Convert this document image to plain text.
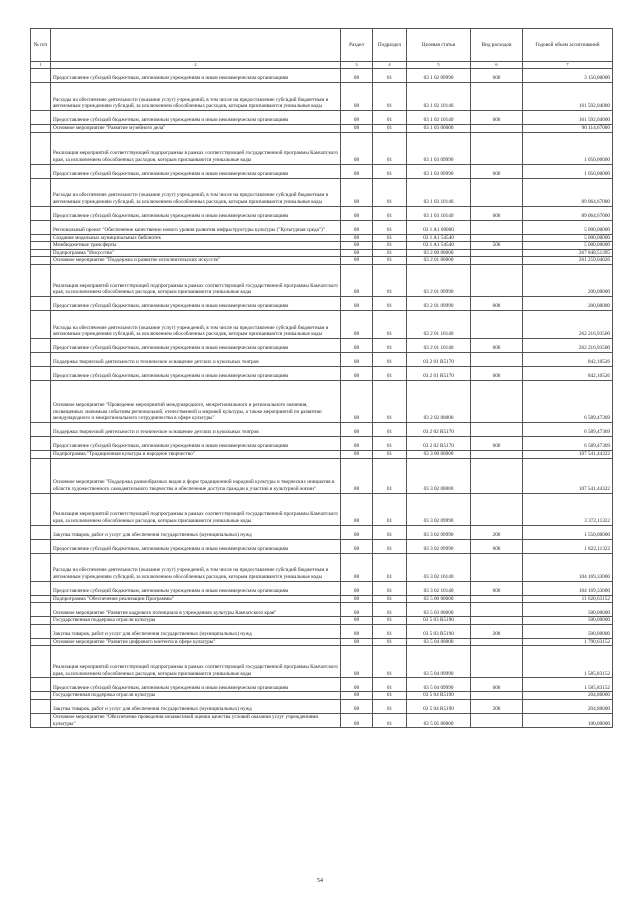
№ п/п		Раздел	Подраздел	Целевая статья	Вид расходов	Годовой объем ассигнований
1	2	3	4	5	6	7
	Предоставление субсидий бюджетным, автономным учреждениям и иным некоммерческим организациям	08	01	03 1 02 09990	600	3 150,00000
	Расходы на обеспечение деятельности (оказание услуг) учреждений, в том числе на предоставление субсидий бюджетным и автономным учреждениям субсидий, за исключением обособленных расходов, которым присваиваются уникальные коды	08	01	03 1 02 10140		161 592,04000
	Предоставление субсидий бюджетным, автономным учреждениям и иным некоммерческим организациям	08	01	03 1 02 10140	600	161 592,04000
	Основное мероприятие "Развитие музейного дела"	08	01	03 1 03 00000		90 114,67000
	Реализация мероприятий соответствующей подпрограммы в рамках соответствующей государственной программы Камчатского края, за исключением обособленных расходов, которым присваиваются уникальные коды	08	01	03 1 03 09990		1 050,00000
	Предоставление субсидий бюджетным, автономным учреждениям и иным некоммерческим организациям	08	01	03 1 03 09990	600	1 050,00000
	Расходы на обеспечение деятельности (оказание услуг) учреждений, в том числе на предоставление субсидий бюджетным и автономным учреждениям субсидий, за исключением обособленных расходов, которым присваиваются уникальные коды	08	01	03 1 03 10140		89 064,67000
	Предоставление субсидий бюджетным, автономным учреждениям и иным некоммерческим организациям	08	01	03 1 03 10140	600	89 064,67000
	Региональный проект "Обеспечение качественно нового уровня развития инфраструктуры культуры ("Культурная среда")"	08	01	03 1 A1 00000		5 000,00000
	Создание модельных муниципальных библиотек	08	01	03 1 A1 54540		5 000,00000
	Межбюджетные трансферты	08	01	03 1 A1 54540	500	5 000,00000
	Подпрограмма "Искусство"	08	01	03 2 00 00000		267 848,51395
	Основное мероприятие "Поддержка и развитие исполнительских искусств"	08	01	03 2 01 00000		261 259,04026
	Реализация мероприятий соответствующей подпрограммы в рамках соответствующей государственной программы Камчатского края, за исключением обособленных расходов, которым присваиваются уникальные коды	08	01	03 2 01 09990		200,00000
	Предоставление субсидий бюджетным, автономным учреждениям и иным некоммерческим организациям	08	01	03 2 01 09990	600	200,00000
	Расходы на обеспечение деятельности (оказание услуг) учреждений, в том числе на предоставление субсидий бюджетным и автономным учреждениям субсидий, за исключением обособленных расходов, которым присваиваются уникальные коды	08	01	03 2 01 10140		262 216,93500
	Предоставление субсидий бюджетным, автономным учреждениям и иным некоммерческим организациям	08	01	03 2 01 10140	600	262 216,93500
	Поддержка творческой деятельности и техническое оснащение детских и кукольных театров	08	01	03 2 01 R5170		842,10526
	Предоставление субсидий бюджетным, автономным учреждениям и иным некоммерческим организациям	08	01	03 2 01 R5170	600	842,10526
	Основное мероприятие "Проведение мероприятий международного, межрегионального и регионального значения, посвященных значимым событиям региональной, отечественной и мировой культуры, а также мероприятий по развитию международного и межрегионального сотрудничества в сфере культуры"	08	01	03 2 02 00000		6 589,47369
	Поддержка творческой деятельности и техническое оснащение детских и кукольных театров	08	01	03 2 02 R5170		6 589,47369
	Предоставление субсидий бюджетным, автономным учреждениям и иным некоммерческим организациям	08	01	03 2 02 R5170	600	6 589,47369
	Подпрограмма "Традиционная культура и народное творчество"	08	01	03 3 00 00000		107 541,44322
	Основное мероприятие "Поддержка разнообразных видов и форм традиционной народной культуры и творческих инициатив в области художественного самодеятельного творчества и обеспечение доступа граждан к участию в культурной жизни"	08	01	03 3 02 00000		107 541,44322
	Реализация мероприятий соответствующей подпрограммы в рамках соответствующей государственной программы Камчатского края, за исключением обособленных расходов, которым присваиваются уникальные коды	08	01	03 3 02 09990		3 372,11322
	Закупка товаров, работ и услуг для обеспечения государственных (муниципальных) нужд	08	01	03 3 02 09990	200	1 550,00000
	Предоставление субсидий бюджетным, автономным учреждениям и иным некоммерческим организациям	08	01	03 3 02 09990	600	1 822,11322
	Расходы на обеспечение деятельности (оказание услуг) учреждений, в том числе на предоставление субсидий бюджетным и автономным учреждениям субсидий, за исключением обособленных расходов, которым присваиваются уникальные коды	08	01	03 3 02 10140		104 169,33000
	Предоставление субсидий бюджетным, автономным учреждениям и иным некоммерческим организациям	08	01	03 3 02 10140	600	104 169,33000
	Подпрограмма "Обеспечение реализации Программы"	08	01	03 5 00 00000		11 620,63152
	Основное мероприятие "Развитие кадрового потенциала в учреждениях культуры Камчатского края"	08	01	03 5 03 00000		500,00000
	Государственная поддержка отрасли культуры	08	01	03 5 03 R5190		500,00000
	Закупка товаров, работ и услуг для обеспечения государственных (муниципальных) нужд	08	01	03 5 03 R5190	200	500,00000
	Основное мероприятие "Развитие цифрового контента в сфере культуры"	08	01	03 5 04 00000		1 790,63152
	Реализация мероприятий соответствующей подпрограммы в рамках соответствующей государственной программы Камчатского края, за исключением обособленных расходов, которым присваиваются уникальные коды	08	01	03 5 04 09990		1 585,83152
	Предоставление субсидий бюджетным, автономным учреждениям и иным некоммерческим организациям	08	01	03 5 04 09990	600	1 585,83152
	Государственная поддержка отрасли культуры	08	01	03 5 04 R5190		204,80000
	Закупка товаров, работ и услуг для обеспечения государственных (муниципальных) нужд	08	01	03 5 04 R5190	200	204,80000
	Основное мероприятие "Обеспечение проведения независимой оценки качества условий оказания услуг учреждениями культуры"	08	01	03 5 05 00000		100,00000
54
